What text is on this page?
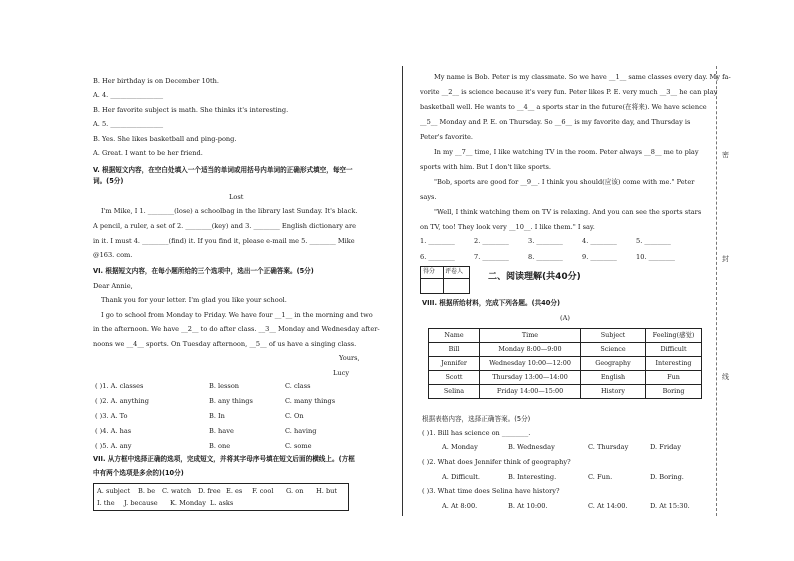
密
封
线
B. Her birthday is on December 10th.
A. 4. ________________
B. Her favorite subject is math. She thinks it's interesting.
A. 5. ________________
B. Yes. She likes basketball and ping-pong.
A. Great. I want to be her friend.
V. 根据短文内容，在空白处填入一个适当的单词或用括号内单词的正确形式填空，每空一词。(5分)
Lost
I'm Mike, I 1. ________(lose) a schoolbag in the library last Sunday. It's black.
A pencil, a ruler, a set of 2. ________(key) and 3. ________ English dictionary are
in it. I must 4. ________(find) it. If you find it, please e-mail me 5. ________ Mike
@163. com.
VI. 根据短文内容，在每小题所给的三个选项中，选出一个正确答案。(5分)
Dear Annie,
Thank you for your letter. I'm glad you like your school.
I go to school from Monday to Friday. We have four __1__ in the morning and two
in the afternoon. We have __2__ to do after class. __3__ Monday and Wednesday after-
noons we __4__ sports. On Tuesday afternoon, __5__ of us have a singing class.
Yours,
Lucy
( )1. A. classes	B. lesson	C. class
( )2. A. anything	B. any things	C. many things
( )3. A. To	B. In	C. On
( )4. A. has	B. have	C. having
( )5. A. any	B. one	C. some
VII. 从方框中选择正确的选项，完成短文，并将其字母序号填在短文后面的横线上。(方框
中有两个选项是多余的)(10分)
A. subject B. be C. watch D. free E. es F. cool G. on H. but
I. the J. because K. Monday L. asks
My name is Bob. Peter is my classmate. So we have __1__ same classes every day. My fa-
vorite __2__ is science because it's very fun. Peter likes P. E. very much __3__ he can play
basketball well. He wants to __4__ a sports star in the future(在将来). We have science
__5__ Monday and P. E. on Thursday. So __6__ is my favorite day, and Thursday is
Peter's favorite.
In my __7__ time, I like watching TV in the room. Peter always __8__ me to play
sports with him. But I don't like sports.
"Bob, sports are good for __9__. I think you should(应该) come with me." Peter
says.
"Well, I think watching them on TV is relaxing. And you can see the sports stars
on TV, too! They look very __10__. I like them." I say.
1. ________	2. ________	3. ________	4. ________	5. ________
6. ________	7. ________	8. ________	9. ________	10. ________
得分 评卷人
二、阅读理解(共40分)
VIII. 根据所给材料，完成下列各题。(共40分)
(A)
Name	Time	Subject	Feeling(感觉)
Bill	Monday 8:00—9:00	Science	Difficult
Jennifer	Wednesday 10:00—12:00	Geography	Interesting
Scott	Thursday 13:00—14:00	English	Fun
Selina	Friday 14:00—15:00	History	Boring
根据表格内容，选择正确答案。(5分)
( )1. Bill has science on ________.
A. Monday	B. Wednesday	C. Thursday	D. Friday
( )2. What does Jennifer think of geography?
A. Difficult.	B. Interesting.	C. Fun.	D. Boring.
( )3. What time does Selina have history?
A. At 8:00.	B. At 10:00.	C. At 14:00.	D. At 15:30.
